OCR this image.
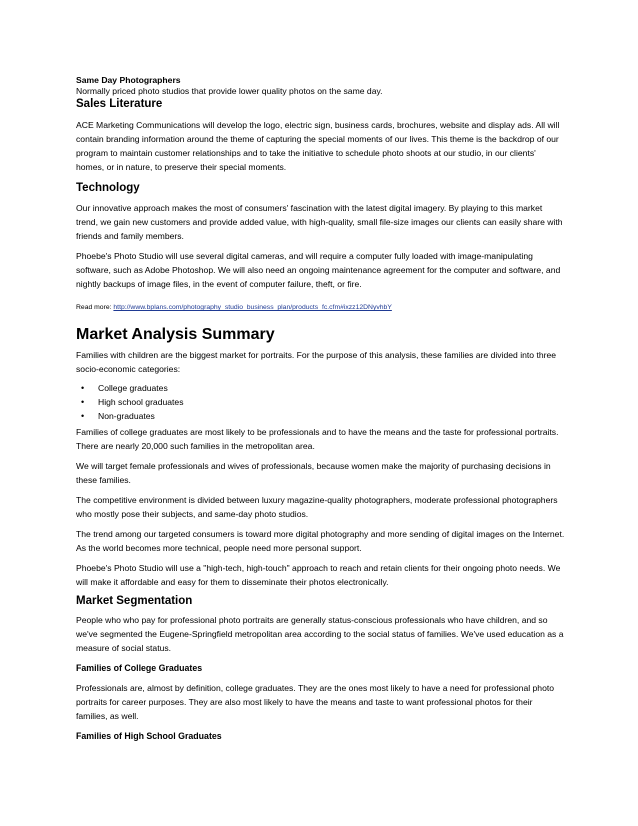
Same Day Photographers

Normally priced photo studios that provide lower quality photos on the same day.

Sales Literature

ACE Marketing Communications will develop the logo, electric sign, business cards, brochures, website and display ads. All will contain branding information around the theme of capturing the special moments of our lives. This theme is the backdrop of our program to maintain customer relationships and to take the initiative to schedule photo shoots at our studio, in our clients' homes, or in nature, to preserve their special moments.

Technology

Our innovative approach makes the most of consumers' fascination with the latest digital imagery. By playing to this market trend, we gain new customers and provide added value, with high-quality, small file-size images our clients can easily share with friends and family members.

Phoebe's Photo Studio will use several digital cameras, and will require a computer fully loaded with image-manipulating software, such as Adobe Photoshop. We will also need an ongoing maintenance agreement for the computer and software, and nightly backups of image files, in the event of computer failure, theft, or fire.

Read more: http://www.bplans.com/photography_studio_business_plan/products_fc.cfm#ixzz12DNyvhbY

Market Analysis Summary

Families with children are the biggest market for portraits. For the purpose of this analysis, these families are divided into three socio-economic categories:

• College graduates
• High school graduates
• Non-graduates

Families of college graduates are most likely to be professionals and to have the means and the taste for professional portraits. There are nearly 20,000 such families in the metropolitan area.

We will target female professionals and wives of professionals, because women make the majority of purchasing decisions in these families.

The competitive environment is divided between luxury magazine-quality photographers, moderate professional photographers who mostly pose their subjects, and same-day photo studios.

The trend among our targeted consumers is toward more digital photography and more sending of digital images on the Internet. As the world becomes more technical, people need more personal support.

Phoebe's Photo Studio will use a "high-tech, high-touch" approach to reach and retain clients for their ongoing photo needs. We will make it affordable and easy for them to disseminate their photos electronically.

Market Segmentation

People who who pay for professional photo portraits are generally status-conscious professionals who have children, and so we've segmented the Eugene-Springfield metropolitan area according to the social status of families. We've used education as a measure of social status.

Families of College Graduates

Professionals are, almost by definition, college graduates. They are the ones most likely to have a need for professional photo portraits for career purposes. They are also most likely to have the means and taste to want professional photos for their families, as well.

Families of High School Graduates
